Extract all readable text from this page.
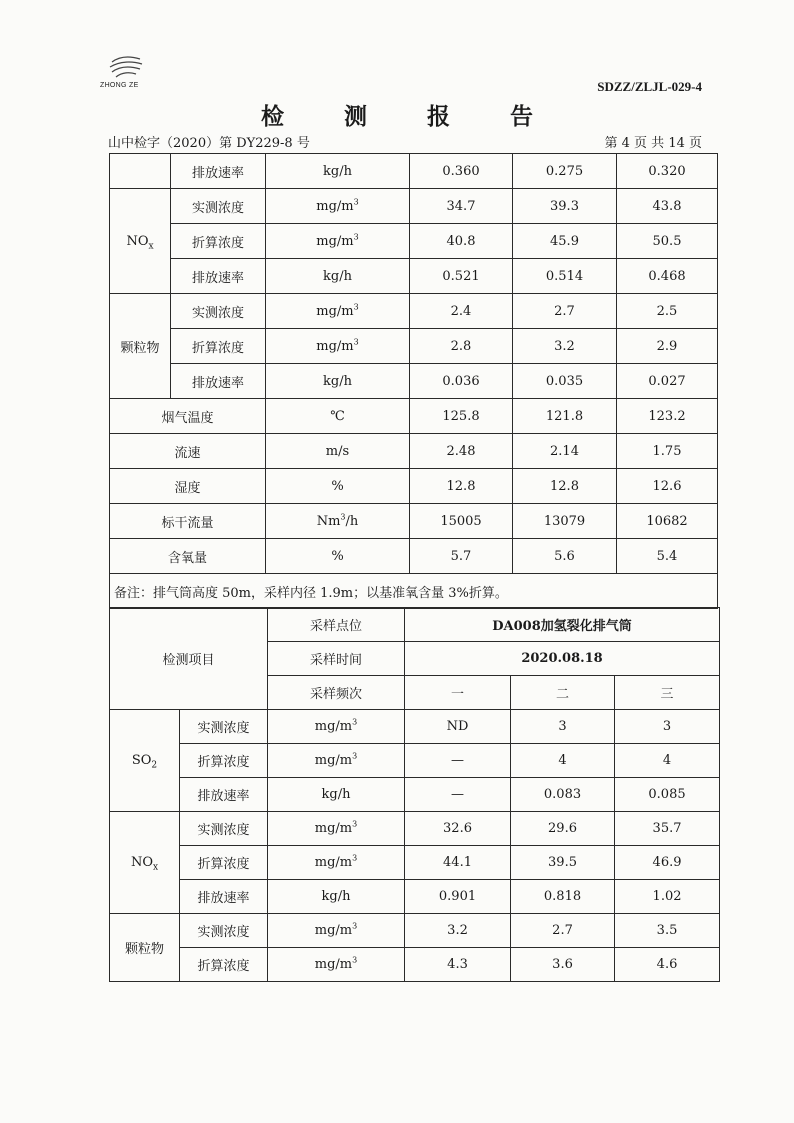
ZHONG ZE	SDZZ/ZLJL-029-4
检 测 报 告
山中检字（2020）第 DY229-8 号	第 4 页 共 14 页
	排放速率	kg/h	0.360	0.275	0.320
$NO_x$	实测浓度	$mg/m^3$	34.7	39.3	43.8
	折算浓度	$mg/m^3$	40.8	45.9	50.5
	排放速率	kg/h	0.521	0.514	0.468
颗粒物	实测浓度	$mg/m^3$	2.4	2.7	2.5
	折算浓度	$mg/m^3$	2.8	3.2	2.9
	排放速率	kg/h	0.036	0.035	0.027
烟气温度		℃	125.8	121.8	123.2
流速		m/s	2.48	2.14	1.75
湿度		%	12.8	12.8	12.6
标干流量		Nm$^3$/h	15005	13079	10682
含氧量		%	5.7	5.6	5.4
备注：排气筒高度 50m，采样内径 1.9m；以基准氧含量 3%折算。					
检测项目		采样点位	DA008加氢裂化排气筒		
		采样时间	2020.08.18		
		采样频次	一	二	三
$SO_2$	实测浓度	$mg/m^3$	ND	3	3
	折算浓度	$mg/m^3$	—	4	4
	排放速率	kg/h	—	0.083	0.085
$NO_x$	实测浓度	$mg/m^3$	32.6	29.6	35.7
	折算浓度	$mg/m^3$	44.1	39.5	46.9
	排放速率	kg/h	0.901	0.818	1.02
颗粒物	实测浓度	$mg/m^3$	3.2	2.7	3.5
	折算浓度	$mg/m^3$	4.3	3.6	4.6
